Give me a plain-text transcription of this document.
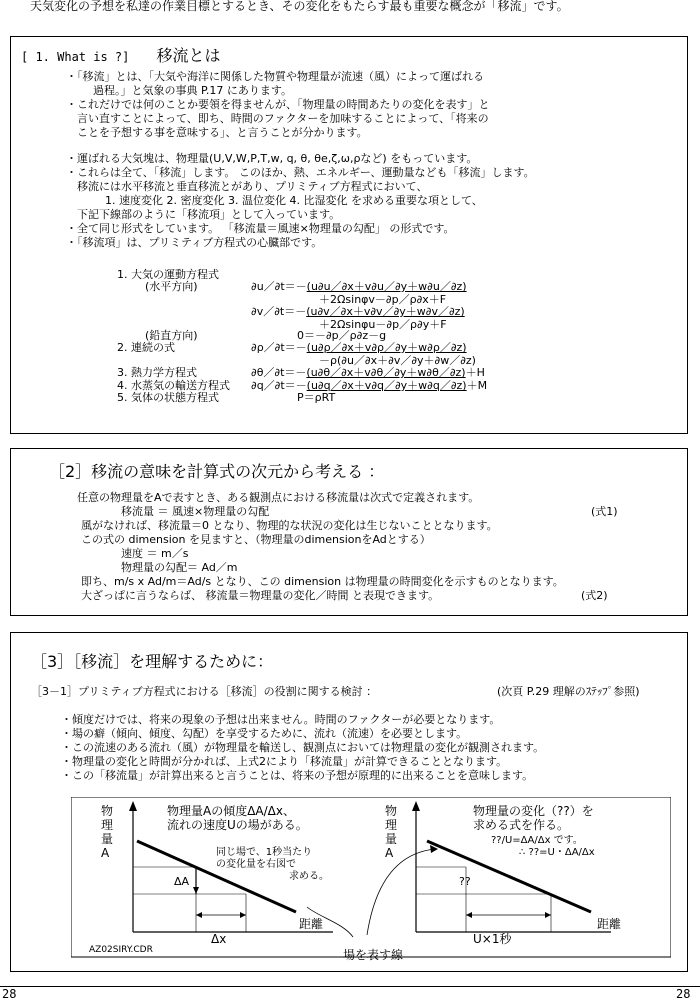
天気変化の予想を私達の作業目標とするとき、その変化をもたらす最も重要な概念が「移流」です。
[ 1. What is ?] 移流とは
・「移流」とは、「大気や海洋に関係した物質や物理量が流速（風）によって運ばれる
過程。」と気象の事典 P.17 にあります。
・これだけでは何のことか要領を得ませんが、「物理量の時間あたりの変化を表す」と
言い直すことによって、即ち、時間のファクターを加味することによって、「将来の
ことを予想する事を意味する」、と言うことが分かります。
・運ばれる大気塊は、物理量(U,V,W,P,T,w, q, θ, θe,ζ,ω,ρなど) をもっています。
・これらは全て、「移流」します。 このほか、熱、エネルギー、運動量なども「移流」します。
移流には水平移流と垂直移流とがあり、プリミティブ方程式において、
1. 速度変化 2. 密度変化 3. 温位変化 4. 比湿変化 を求める重要な項として、
下記下線部のように「移流項」として入っています。
・全て同じ形式をしています。 「移流量＝風速×物理量の勾配」 の形式です。
・「移流項」は、プリミティブ方程式の心臓部です。
1. 大気の運動方程式
(水平方向)	∂u／∂t＝－(u∂u／∂x＋v∂u／∂y＋w∂u／∂z)
＋2Ωsinφv－∂p／ρ∂x＋F
∂v／∂t＝－(u∂v／∂x＋v∂v／∂y＋w∂v／∂z)
＋2Ωsinφu－∂p／ρ∂y＋F
(鉛直方向)	0＝－∂p／ρ∂z－g
2. 連続の式	∂ρ／∂t＝－(u∂ρ／∂x＋v∂ρ／∂y＋w∂ρ／∂z)
－ρ(∂u／∂x＋∂v／∂y＋∂w／∂z)
3. 熱力学方程式	∂θ／∂t＝－(u∂θ／∂x＋v∂θ／∂y＋w∂θ／∂z)＋H
4. 水蒸気の輸送方程式 ∂q／∂t＝－(u∂q／∂x＋v∂q／∂y＋w∂q／∂z)＋M
5. 気体の状態方程式	P＝ρRT
［2］移流の意味を計算式の次元から考える ：
任意の物理量をAで表すとき、ある観測点における移流量は次式で定義されます。
移流量 ＝ 風速×物理量の勾配	(式1)
風がなければ、移流量＝0 となり、物理的な状況の変化は生じないこととなります。
この式の dimension を見ますと、（物理量のdimensionをAdとする）
速度 ＝ m／s
物理量の勾配＝ Ad／m
即ち、m/s x Ad/m＝Ad/s となり、この dimension は物理量の時間変化を示すものとなります。
大ざっぱに言うならば、 移流量＝物理量の変化／時間 と表現できます。	(式2)
［3］［移流］を理解するために：
［3－1］プリミティブ方程式における［移流］の役割に関する検討 ：	(次頁 P.29 理解のｽﾃｯﾌﾟ参照)
・傾度だけでは、将来の現象の予想は出来ません。時間のファクターが必要となります。
・場の癖（傾向、傾度、勾配）を享受するために、流れ（流速）を必要とします。
・この流速のある流れ（風）が物理量を輸送し、観測点においては物理量の変化が観測されます。
・物理量の変化と時間が分かれば、上式2により「移流量」が計算できることとなります。
・この「移流量」が計算出来ると言うことは、将来の予想が原理的に出来ることを意味します。
物
理
量
A
物理量Aの傾度ΔA/Δx、
流れの速度Uの場がある。
同じ場で、1秒当たり
の変化量を右図で
求める。
ΔA
Δx
距離
AZ02SIRY.CDR	場を表す線
物
理
量
A
物理量の変化（??）を
求める式を作る。
??/U=ΔA/Δx です。
∴ ??=U・ΔA/Δx
??
U×1秒
距離
28	28
